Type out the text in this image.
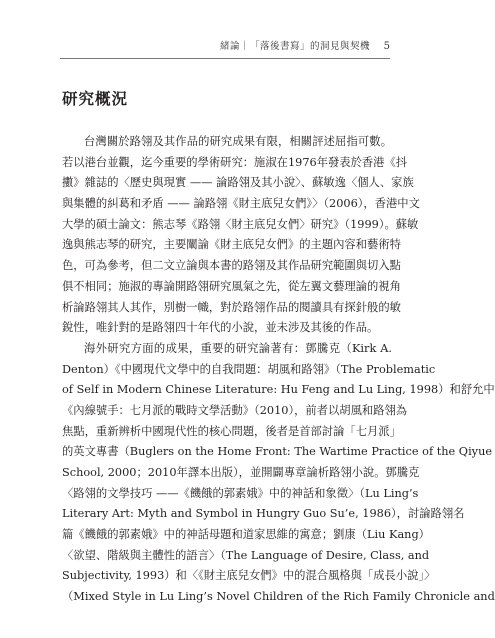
緒論｜「落後書寫」的洞見與契機 5
研究概況
台灣關於路翎及其作品的研究成果有限，相關評述屈指可數。
若以港台並觀，迄今重要的學術研究：施淑在1976年發表於香港《抖
擻》雜誌的〈歷史與現實 —— 論路翎及其小說〉、蘇敏逸〈個人、家族
與集體的糾葛和矛盾 —— 論路翎《財主底兒女們》〉（2006），香港中文
大學的碩士論文：熊志琴《路翎〈財主底兒女們〉研究》（1999）。蘇敏
逸與熊志琴的研究，主要闡論《財主底兒女們》的主題內容和藝術特
色，可為參考，但二文立論與本書的路翎及其作品研究範圍與切入點
俱不相同；施淑的專論開路翎研究風氣之先，從左翼文藝理論的視角
析論路翎其人其作，別樹一幟，對於路翎作品的閱讀具有探針般的敏
銳性，唯針對的是路翎四十年代的小說，並未涉及其後的作品。
海外研究方面的成果，重要的研究論著有：鄧騰克（Kirk A.
Denton）《中國現代文學中的自我問題：胡風和路翎》（The Problematic
of Self in Modern Chinese Literature: Hu Feng and Lu Ling, 1998）和舒允中
《內線號手：七月派的戰時文學活動》（2010），前者以胡風和路翎為
焦點，重新辨析中國現代性的核心問題，後者是首部討論「七月派」
的英文專書（Buglers on the Home Front: The Wartime Practice of the Qiyue
School, 2000；2010年譯本出版），並開闢專章論析路翎小說。鄧騰克
〈路翎的文學技巧 ——《饑餓的郭素娥》中的神話和象徵〉（Lu Ling’s
Literary Art: Myth and Symbol in Hungry Guo Su’e, 1986），討論路翎名
篇《饑餓的郭素娥》中的神話母題和道家思維的寓意；劉康（Liu Kang）
〈欲望、階級與主體性的語言〉（The Language of Desire, Class, and
Subjectivity, 1993）和〈《財主底兒女們》中的混合風格與「成長小說」〉
（Mixed Style in Lu Ling’s Novel Children of the Rich Family Chronicle and
